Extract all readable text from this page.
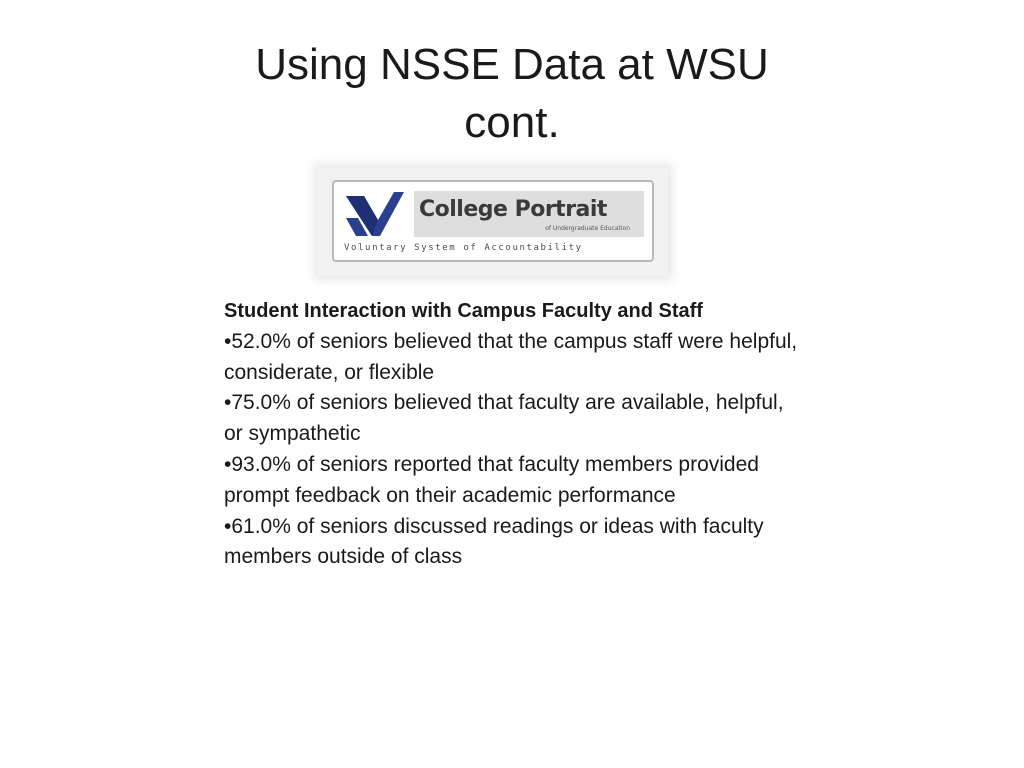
Using NSSE Data at WSU
cont.
College Portrait
of Undergraduate Education
Voluntary System of Accountability

Student Interaction with Campus Faculty and Staff

•52.0% of seniors believed that the campus staff were helpful, considerate, or flexible
•75.0% of seniors believed that faculty are available, helpful, or sympathetic
•93.0% of seniors reported that faculty members provided prompt feedback on their academic performance
•61.0% of seniors discussed readings or ideas with faculty members outside of class
